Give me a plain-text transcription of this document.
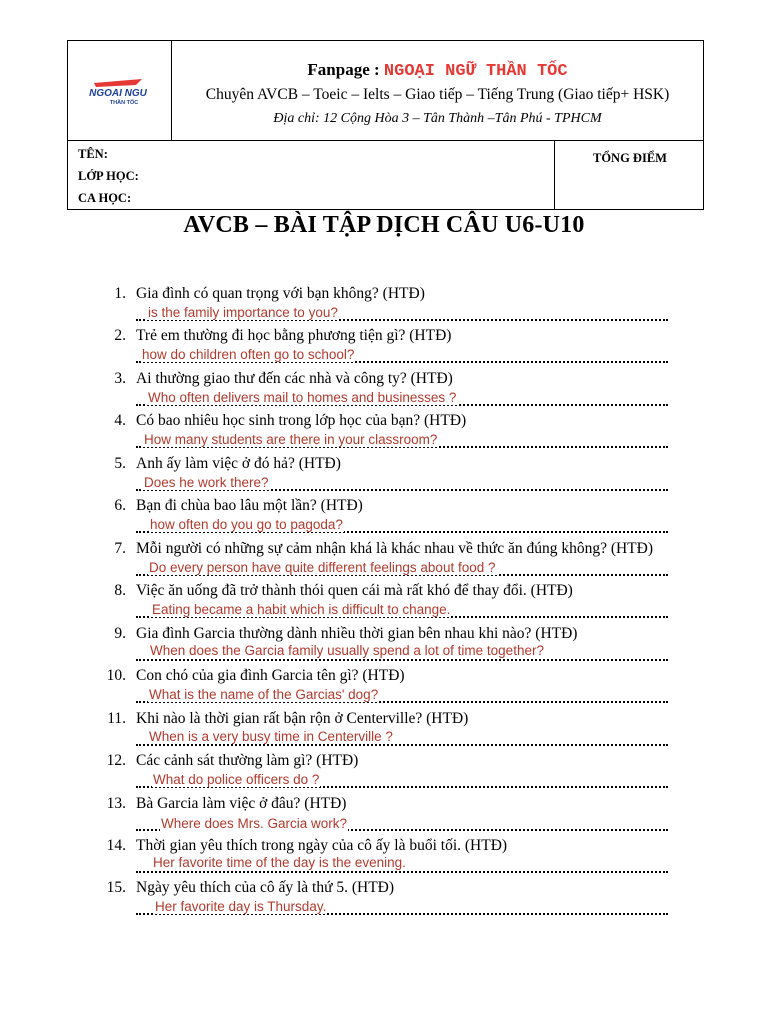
NGOAI NGU
THẦN TỐC
Fanpage : NGOẠI NGỮ THẦN TỐC
Chuyên AVCB – Toeic – Ielts – Giao tiếp – Tiếng Trung (Giao tiếp+ HSK)
Địa chỉ: 12 Cộng Hòa 3 – Tân Thành –Tân Phú - TPHCM
TÊN:
LỚP HỌC:
CA HỌC:
TỔNG ĐIỂM
AVCB – BÀI TẬP DỊCH CÂU U6-U10
1. Gia đình có quan trọng với bạn không? (HTĐ)
is the family importance to you?
2. Trẻ em thường đi học bằng phương tiện gì? (HTĐ)
how do children often go to school?
3. Ai thường giao thư đến các nhà và công ty? (HTĐ)
Who often delivers mail to homes and businesses ?
4. Có bao nhiêu học sinh trong lớp học của bạn? (HTĐ)
How many students are there in your classroom?
5. Anh ấy làm việc ở đó hả? (HTĐ)
Does he work there?
6. Bạn đi chùa bao lâu một lần? (HTĐ)
how often do you go to pagoda?
7. Mỗi người có những sự cảm nhận khá là khác nhau về thức ăn đúng không? (HTĐ)
Do every person have quite different feelings about food ?
8. Việc ăn uống đã trở thành thói quen cái mà rất khó để thay đổi. (HTĐ)
Eating became a habit which is difficult to change.
9. Gia đình Garcia thường dành nhiều thời gian bên nhau khi nào? (HTĐ)
When does the Garcia family usually spend a lot of time together?
10. Con chó của gia đình Garcia tên gì? (HTĐ)
What is the name of the Garcias' dog?
11. Khi nào là thời gian rất bận rộn ở Centerville? (HTĐ)
When is a very busy time in Centerville ?
12. Các cảnh sát thường làm gì? (HTĐ)
What do police officers do ?
13. Bà Garcia làm việc ở đâu? (HTĐ)
Where does Mrs. Garcia work?
14. Thời gian yêu thích trong ngày của cô ấy là buổi tối. (HTĐ)
Her favorite time of the day is the evening.
15. Ngày yêu thích của cô ấy là thứ 5. (HTĐ)
Her favorite day is Thursday.
